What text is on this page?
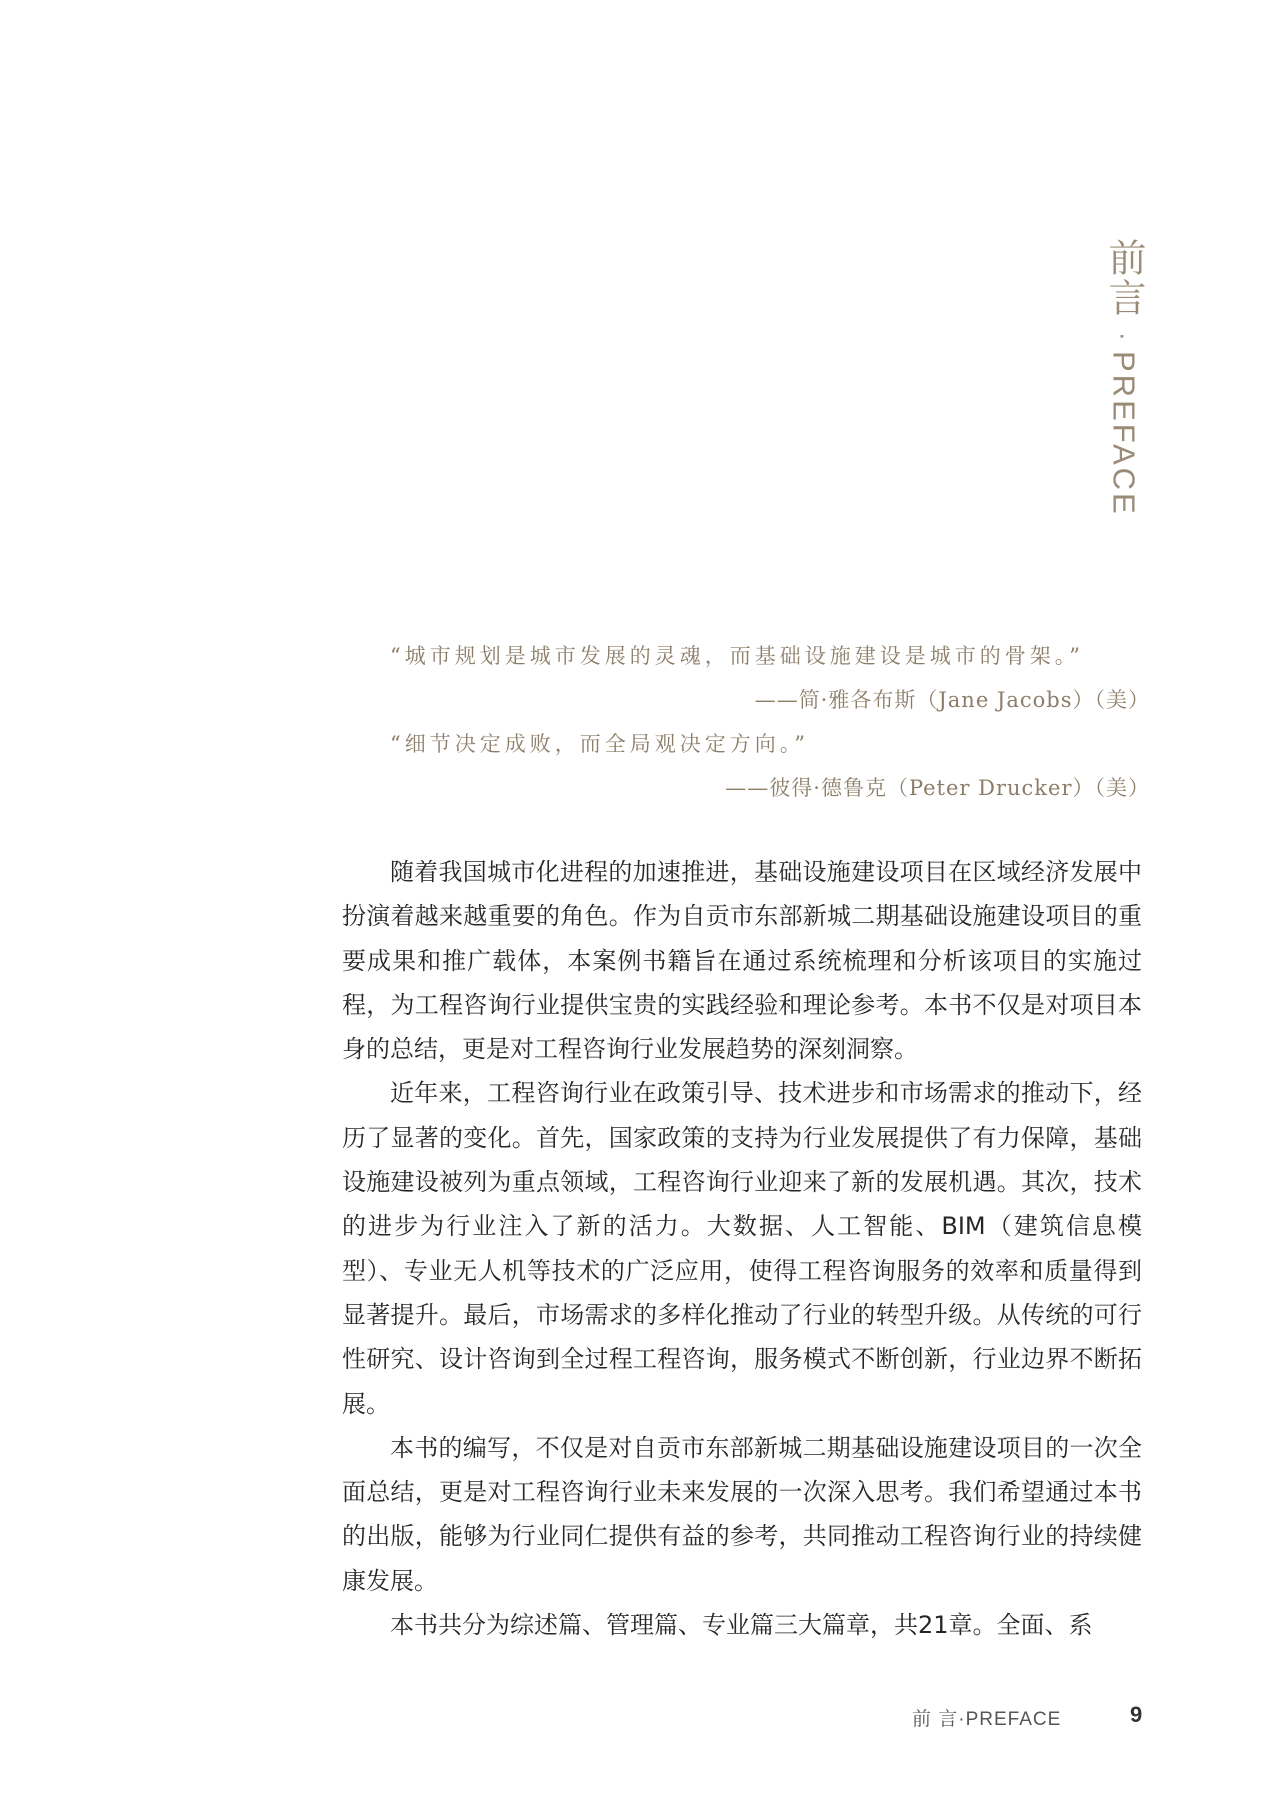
前言
·
PREFACE
“城市规划是城市发展的灵魂，而基础设施建设是城市的骨架。”
——简·雅各布斯（Jane Jacobs）（美）
“细节决定成败，而全局观决定方向。”
——彼得·德鲁克（Peter Drucker）（美）

随着我国城市化进程的加速推进，基础设施建设项目在区域经济发展中扮演着越来越重要的角色。作为自贡市东部新城二期基础设施建设项目的重要成果和推广载体，本案例书籍旨在通过系统梳理和分析该项目的实施过程，为工程咨询行业提供宝贵的实践经验和理论参考。本书不仅是对项目本身的总结，更是对工程咨询行业发展趋势的深刻洞察。

近年来，工程咨询行业在政策引导、技术进步和市场需求的推动下，经历了显著的变化。首先，国家政策的支持为行业发展提供了有力保障，基础设施建设被列为重点领域，工程咨询行业迎来了新的发展机遇。其次，技术的进步为行业注入了新的活力。大数据、人工智能、BIM（建筑信息模型）、专业无人机等技术的广泛应用，使得工程咨询服务的效率和质量得到显著提升。最后，市场需求的多样化推动了行业的转型升级。从传统的可行性研究、设计咨询到全过程工程咨询，服务模式不断创新，行业边界不断拓展。

本书的编写，不仅是对自贡市东部新城二期基础设施建设项目的一次全面总结，更是对工程咨询行业未来发展的一次深入思考。我们希望通过本书的出版，能够为行业同仁提供有益的参考，共同推动工程咨询行业的持续健康发展。

本书共分为综述篇、管理篇、专业篇三大篇章，共21章。全面、系

前 言·PREFACE	9
